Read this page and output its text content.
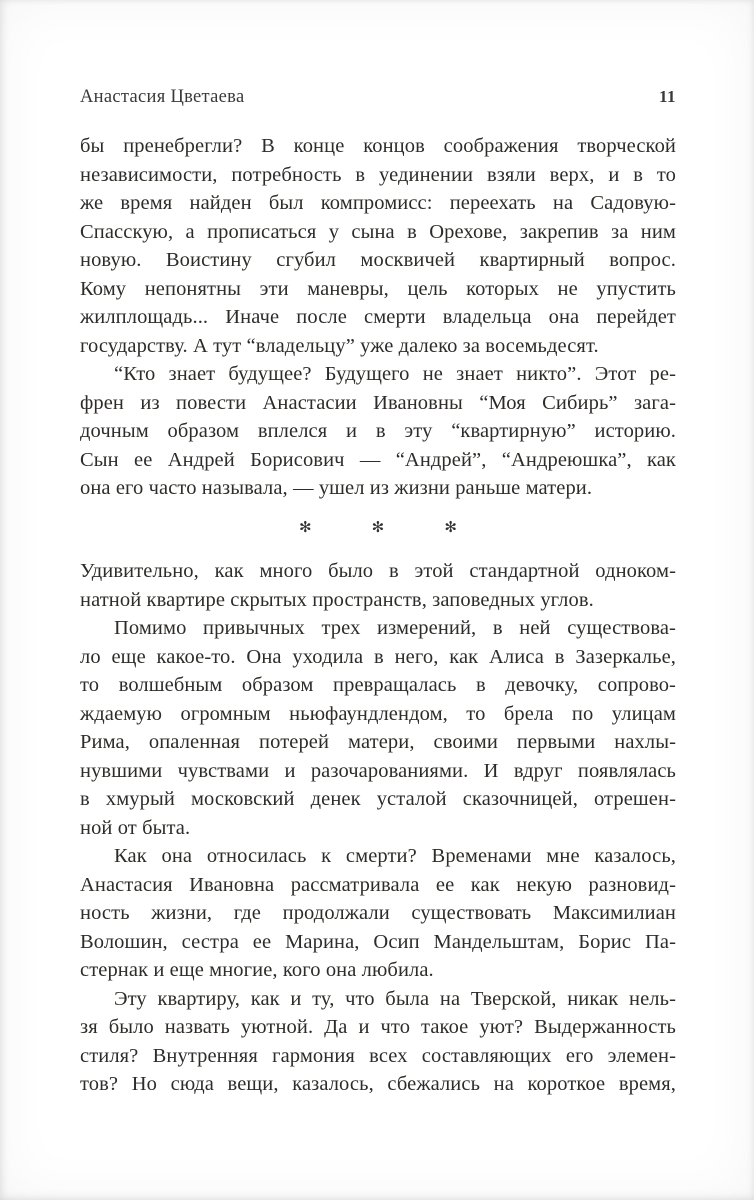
Анастасия Цветаева	11
бы пренебрегли? В конце концов соображения творческой
независимости, потребность в уединении взяли верх, и в то
же время найден был компромисс: переехать на Садовую-
Спасскую, а прописаться у сына в Орехове, закрепив за ним
новую. Воистину сгубил москвичей квартирный вопрос.
Кому непонятны эти маневры, цель которых не упустить
жилплощадь... Иначе после смерти владельца она перейдет
государству. А тут “владельцу” уже далеко за восемьдесят.
“Кто знает будущее? Будущего не знает никто”. Этот ре-
френ из повести Анастасии Ивановны “Моя Сибирь” зага-
дочным образом вплелся и в эту “квартирную” историю.
Сын ее Андрей Борисович — “Андрей”, “Андреюшка”, как
она его часто называла, — ушел из жизни раньше матери.
✻	✻	✻
Удивительно, как много было в этой стандартной одноком-
натной квартире скрытых пространств, заповедных углов.
Помимо привычных трех измерений, в ней существова-
ло еще какое-то. Она уходила в него, как Алиса в Зазеркалье,
то волшебным образом превращалась в девочку, сопрово-
ждаемую огромным ньюфаундлендом, то брела по улицам
Рима, опаленная потерей матери, своими первыми нахлы-
нувшими чувствами и разочарованиями. И вдруг появлялась
в хмурый московский денек усталой сказочницей, отрешен-
ной от быта.
Как она относилась к смерти? Временами мне казалось,
Анастасия Ивановна рассматривала ее как некую разновид-
ность жизни, где продолжали существовать Максимилиан
Волошин, сестра ее Марина, Осип Мандельштам, Борис Па-
стернак и еще многие, кого она любила.
Эту квартиру, как и ту, что была на Тверской, никак нель-
зя было назвать уютной. Да и что такое уют? Выдержанность
стиля? Внутренняя гармония всех составляющих его элемен-
тов? Но сюда вещи, казалось, сбежались на короткое время,
